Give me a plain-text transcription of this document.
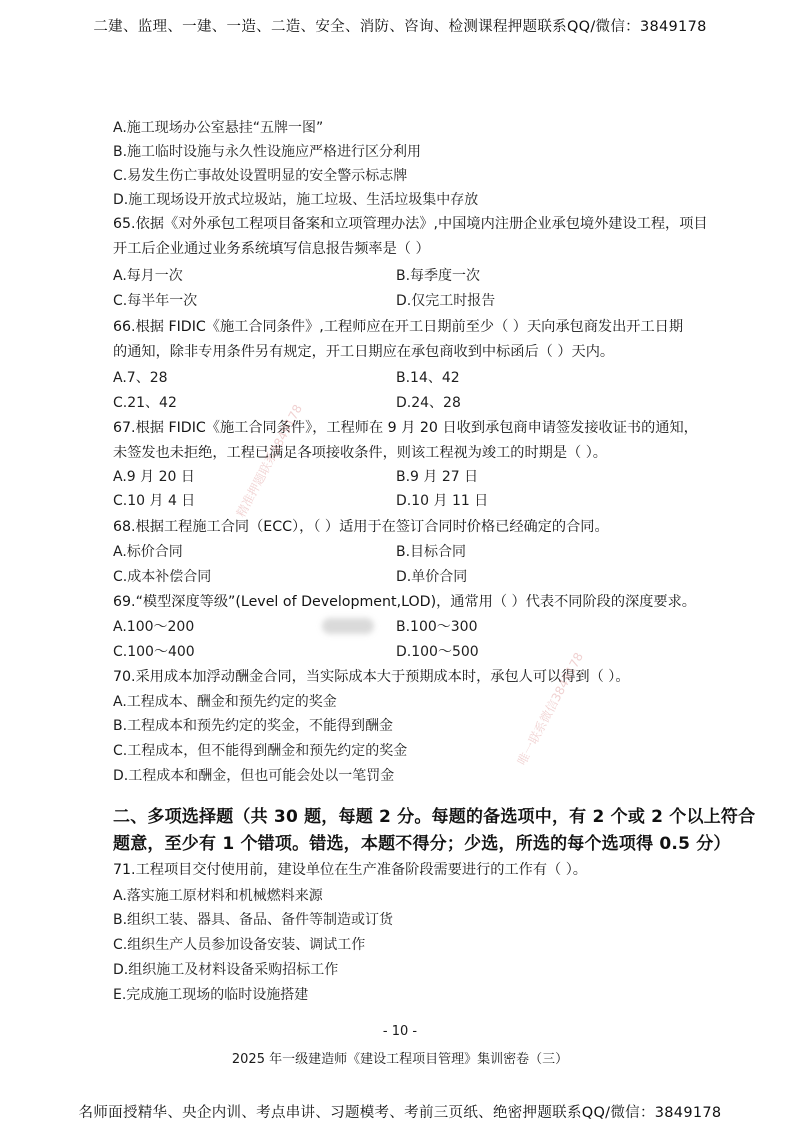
二建、监理、一建、一造、二造、安全、消防、咨询、检测课程押题联系QQ/微信：3849178
A.施工现场办公室悬挂“五牌一图”
B.施工临时设施与永久性设施应严格进行区分利用
C.易发生伤亡事故处设置明显的安全警示标志牌
D.施工现场设开放式垃圾站，施工垃圾、生活垃圾集中存放
65.依据《对外承包工程项目备案和立项管理办法》,中国境内注册企业承包境外建设工程，项目
开工后企业通过业务系统填写信息报告频率是（ ）
A.每月一次	B.每季度一次
C.每半年一次	D.仅完工时报告
66.根据 FIDIC《施工合同条件》,工程师应在开工日期前至少（ ）天向承包商发出开工日期
的通知，除非专用条件另有规定，开工日期应在承包商收到中标函后（ ）天内。
A.7、28	B.14、42
C.21、42	D.24、28
67.根据 FIDIC《施工合同条件》，工程师在 9 月 20 日收到承包商申请签发接收证书的通知，
未签发也未拒绝，工程已满足各项接收条件，则该工程视为竣工的时期是（ ）。
A.9 月 20 日	B.9 月 27 日
C.10 月 4 日	D.10 月 11 日
68.根据工程施工合同（ECC），（ ）适用于在签订合同时价格已经确定的合同。
A.标价合同	B.目标合同
C.成本补偿合同	D.单价合同
69.“模型深度等级”(Level of Development,LOD)，通常用（ ）代表不同阶段的深度要求。
A.100～200	B.100～300
C.100～400	D.100～500
70.采用成本加浮动酬金合同，当实际成本大于预期成本时，承包人可以得到（ ）。
A.工程成本、酬金和预先约定的奖金
B.工程成本和预先约定的奖金，不能得到酬金
C.工程成本，但不能得到酬金和预先约定的奖金
D.工程成本和酬金，但也可能会处以一笔罚金
二、多项选择题（共 30 题，每题 2 分。每题的备选项中，有 2 个或 2 个以上符合
题意，至少有 1 个错项。错选，本题不得分；少选，所选的每个选项得 0.5 分）
71.工程项目交付使用前，建设单位在生产准备阶段需要进行的工作有（ ）。
A.落实施工原材料和机械燃料来源
B.组织工装、器具、备品、备件等制造或订货
C.组织生产人员参加设备安装、调试工作
D.组织施工及材料设备采购招标工作
E.完成施工现场的临时设施搭建
- 10 -
2025 年一级建造师《建设工程项目管理》集训密卷（三）
名师面授精华、央企内训、考点串讲、习题模考、考前三页纸、绝密押题联系QQ/微信：3849178
精准押题联系3849178
唯一联系微信3849178
